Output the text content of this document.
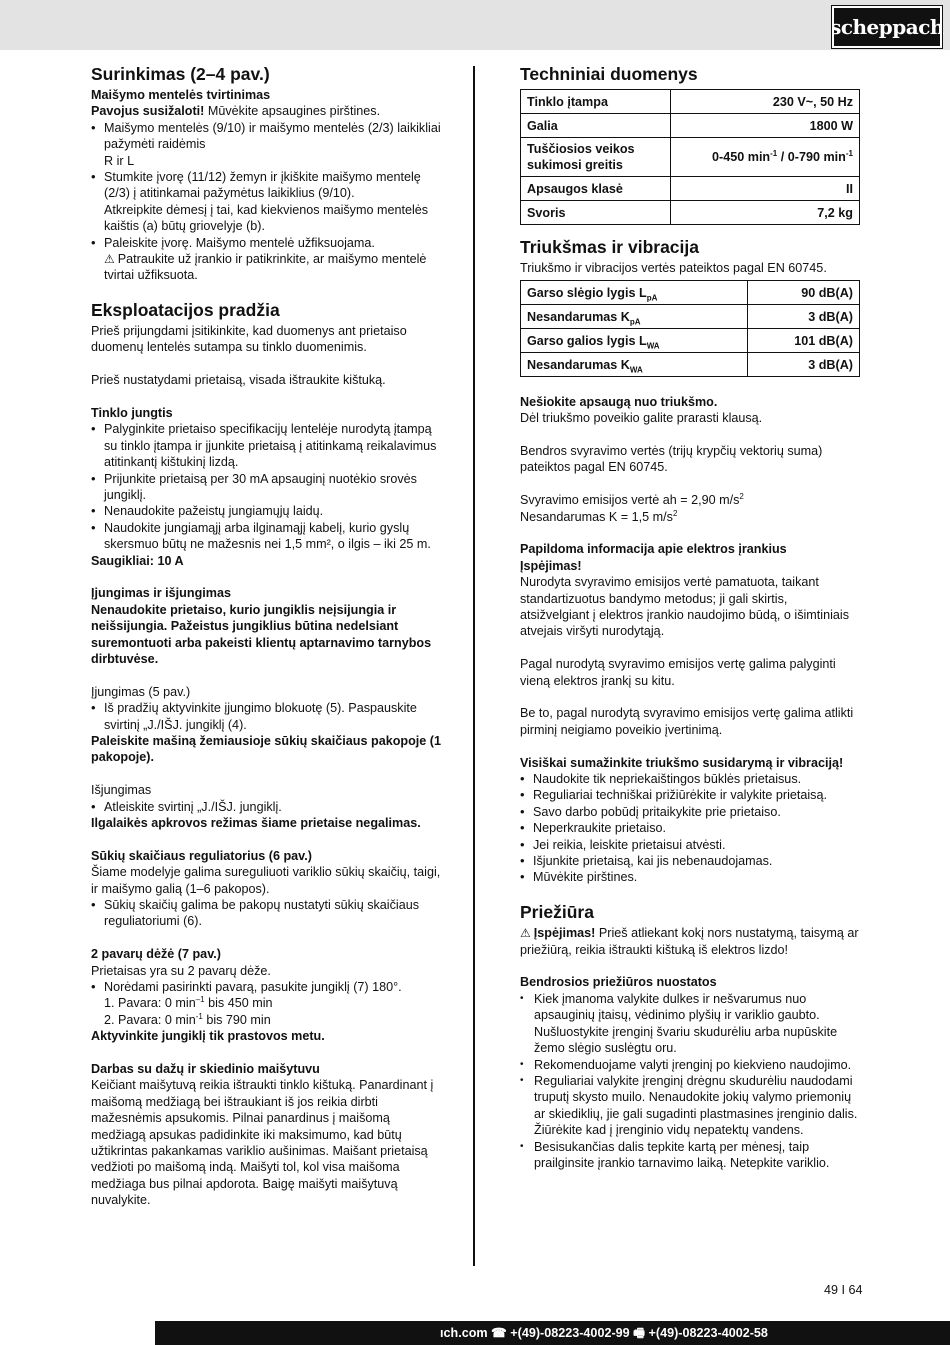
scheppach
Surinkimas (2–4 pav.)

Maišymo mentelės tvirtinimas

Pavojus susižaloti! Mūvėkite apsaugines pirštines.

• Maišymo mentelės (9/10) ir maišymo mentelės (2/3) laikikliai pažymėti raidėmis
R ir L
• Stumkite įvorę (11/12) žemyn ir įkiškite maišymo mentelę (2/3) į atitinkamai pažymėtus laikiklius (9/10).

Atkreipkite dėmesį į tai, kad kiekvienos maišymo mentelės kaištis (a) būtų griovelyje (b).

• Paleiskite įvorę. Maišymo mentelė užfiksuojama.

⚠ Patraukite už įrankio ir patikrinkite, ar maišymo mentelė tvirtai užfiksuota.

Eksploatacijos pradžia

Prieš prijungdami įsitikinkite, kad duomenys ant prietaiso duomenų lentelės sutampa su tinklo duomenimis.

Prieš nustatydami prietaisą, visada ištraukite kištuką.

Tinklo jungtis

• Palyginkite prietaiso specifikacijų lentelėje nurodytą įtampą su tinklo įtampa ir įjunkite prietaisą į atitinkamą reikalavimus atitinkantį kištukinį lizdą.
• Prijunkite prietaisą per 30 mA apsauginį nuotėkio srovės jungiklį.
• Nenaudokite pažeistų jungiamųjų laidų.
• Naudokite jungiamąjį arba ilginamąjį kabelį, kurio gyslų skersmuo būtų ne mažesnis nei 1,5 mm², o ilgis – iki 25 m.

Saugikliai: 10 A

Įjungimas ir išjungimas

Nenaudokite prietaiso, kurio jungiklis neįsijungia ir neišsijungia. Pažeistus jungiklius būtina nedelsiant suremontuoti arba pakeisti klientų aptarnavimo tarnybos dirbtuvėse.

Įjungimas (5 pav.)

• Iš pradžių aktyvinkite įjungimo blokuotę (5). Paspauskite svirtinį „J./IŠJ. jungiklį (4).

Paleiskite mašiną žemiausioje sūkių skaičiaus pakopoje (1 pakopoje).

Išjungimas

• Atleiskite svirtinį „J./IŠJ. jungiklį.

Ilgalaikės apkrovos režimas šiame prietaise negalimas.

Sūkių skaičiaus reguliatorius (6 pav.)

Šiame modelyje galima sureguliuoti variklio sūkių skaičių, taigi, ir maišymo galią (1–6 pakopos).

• Sūkių skaičių galima be pakopų nustatyti sūkių skaičiaus reguliatoriumi (6).

2 pavarų dėžė (7 pav.)

Prietaisas yra su 2 pavarų dėže.

• Norėdami pasirinkti pavarą, pasukite jungiklį (7) 180°.

1. Pavara: 0 $\min^{-1}$ bis 450 min

2. Pavara: 0 $\min^{-1}$ bis 790 min

Aktyvinkite jungiklį tik prastovos metu.

Darbas su dažų ir skiedinio maišytuvu

Keičiant maišytuvą reikia ištraukti tinklo kištuką. Panardinant į maišomą medžiagą bei ištraukiant iš jos reikia dirbti mažesnėmis apsukomis. Pilnai panardinus į maišomą medžiagą apsukas padidinkite iki maksimumo, kad būtų užtikrintas pakankamas variklio aušinimas. Maišant prietaisą vedžioti po maišomą indą. Maišyti tol, kol visa maišoma medžiaga bus pilnai apdorota. Baigę maišyti maišytuvą nuvalykite.

Techniniai duomenys
Tinklo įtampa	230 V~, 50 Hz
Galia	1800 W
Tuščiosios veikos sukimosi greitis	0-450 $\min^{-1} / 0-790$ $\min^{-1}$
Apsaugos klasė	II
Svoris	7,2 kg
Triukšmas ir vibracija

Triukšmo ir vibracijos vertės pateiktos pagal EN 60745.

Garso slėgio lygis $L_{pA}$	90 dB(A)
Nesandarumas $K_{pA}$	3 dB(A)
Garso galios lygis $L_{WA}$	101 dB(A)
Nesandarumas $K_{WA}$	3 dB(A)

Nešiokite apsaugą nuo triukšmo.

Dėl triukšmo poveikio galite prarasti klausą.

Bendros svyravimo vertės (trijų krypčių vektorių suma) pateiktos pagal EN 60745.

Svyravimo emisijos vertė ah = 2,90 $m/s^2$

Nesandarumas K = 1,5 $m/s^2$

Papildoma informacija apie elektros įrankius

Įspėjimas!

Nurodyta svyravimo emisijos vertė pamatuota, taikant standartizuotus bandymo metodus; ji gali skirtis, atsižvelgiant į elektros įrankio naudojimo būdą, o išimtiniais atvejais viršyti nurodytąją.

Pagal nurodytą svyravimo emisijos vertę galima palyginti vieną elektros įrankį su kitu.

Be to, pagal nurodytą svyravimo emisijos vertę galima atlikti pirminį neigiamo poveikio įvertinimą.

Visiškai sumažinkite triukšmo susidarymą ir vibraciją!

• Naudokite tik nepriekaištingos būklės prietaisus.
• Reguliariai techniškai prižiūrėkite ir valykite prietaisą.
• Savo darbo pobūdį pritaikykite prie prietaiso.
• Neperkraukite prietaiso.
• Jei reikia, leiskite prietaisui atvėsti.
• Išjunkite prietaisą, kai jis nebenaudojamas.
• Mūvėkite pirštines.
Priežiūra

⚠ Įspėjimas! Prieš atliekant kokį nors nustatymą, taisymą ar priežiūrą, reikia ištraukti kištuką iš elektros lizdo!

Bendrosios priežiūros nuostatos

• Kiek įmanoma valykite dulkes ir nešvarumus nuo apsauginių įtaisų, vėdinimo plyšių ir variklio gaubto. Nušluostykite įrenginį švariu skudurėliu arba nupūskite žemo slėgio suslėgtu oru.
• Rekomenduojame valyti įrenginį po kiekvieno naudojimo.
• Reguliariai valykite įrenginį drėgnu skudurėliu naudodami truputį skysto muilo. Nenaudokite jokių valymo priemonių ar skiediklių, jie gali sugadinti plastmasines įrenginio dalis. Žiūrėkite kad į įrenginio vidų nepatektų vandens.
• Besisukančias dalis tepkite kartą per mėnesį, taip prailginsite įrankio tarnavimo laiką. Netepkite variklio.
49 I 64
ıch.com ☎ +(49)-08223-4002-99 🖷 +(49)-08223-4002-58
